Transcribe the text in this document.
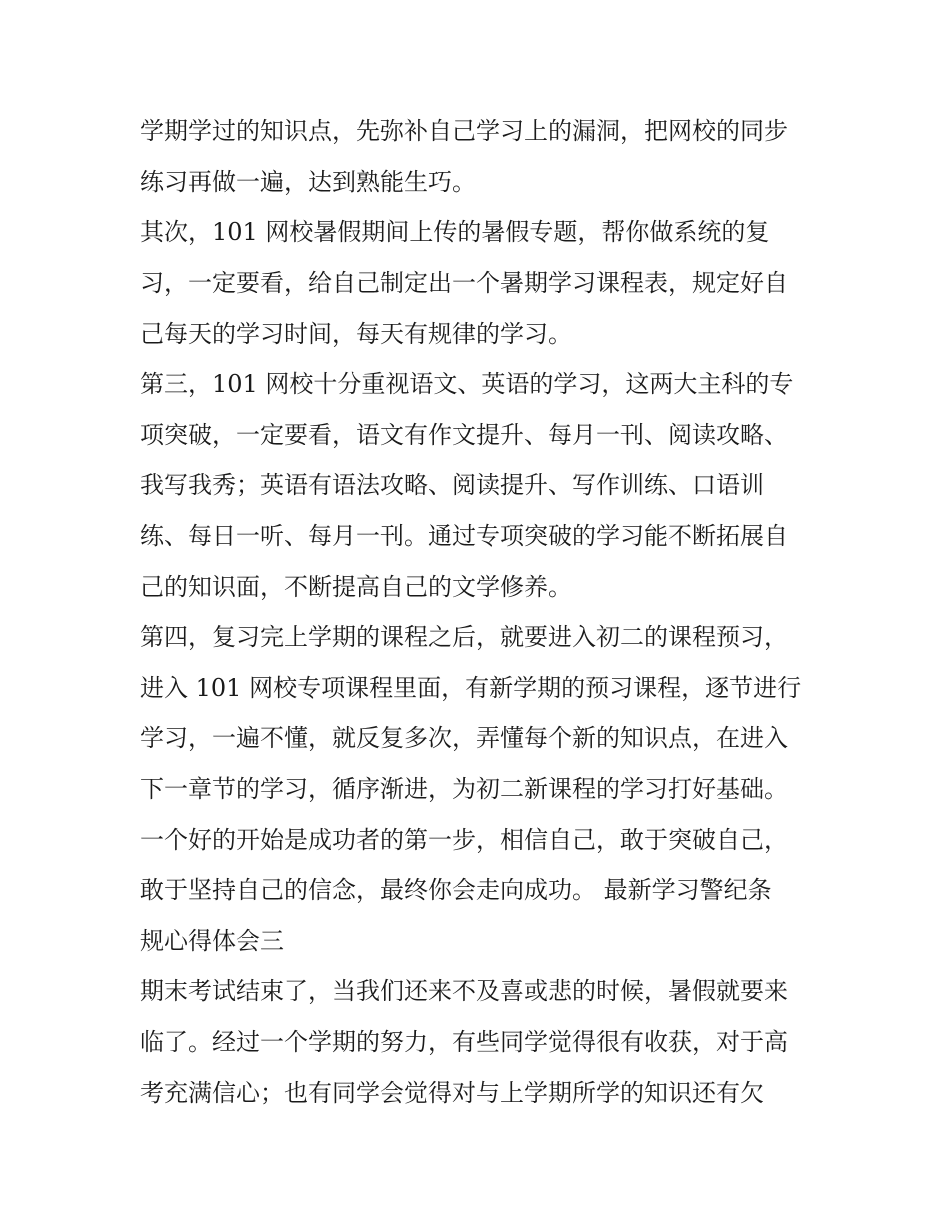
学期学过的知识点，先弥补自己学习上的漏洞，把网校的同步

练习再做一遍，达到熟能生巧。

其次，101 网校暑假期间上传的暑假专题，帮你做系统的复

习，一定要看，给自己制定出一个暑期学习课程表，规定好自

己每天的学习时间，每天有规律的学习。

第三，101 网校十分重视语文、英语的学习，这两大主科的专

项突破，一定要看，语文有作文提升、每月一刊、阅读攻略、

我写我秀；英语有语法攻略、阅读提升、写作训练、口语训

练、每日一听、每月一刊。通过专项突破的学习能不断拓展自

己的知识面，不断提高自己的文学修养。

第四，复习完上学期的课程之后，就要进入初二的课程预习，

进入 101 网校专项课程里面，有新学期的预习课程，逐节进行

学习，一遍不懂，就反复多次，弄懂每个新的知识点，在进入

下一章节的学习，循序渐进，为初二新课程的学习打好基础。

一个好的开始是成功者的第一步，相信自己，敢于突破自己，

敢于坚持自己的信念，最终你会走向成功。 最新学习警纪条

规心得体会三

期末考试结束了，当我们还来不及喜或悲的时候，暑假就要来

临了。经过一个学期的努力，有些同学觉得很有收获，对于高

考充满信心；也有同学会觉得对与上学期所学的知识还有欠
